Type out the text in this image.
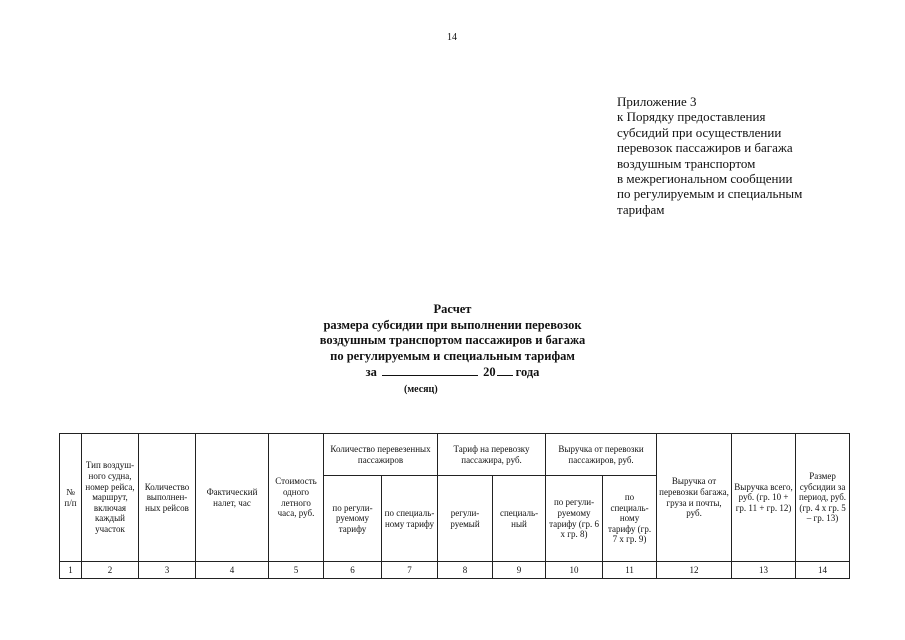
14
Приложение 3
к Порядку предоставления
субсидий при осуществлении
перевозок пассажиров и багажа
воздушным транспортом
в межрегиональном сообщении
по регулируемым и специальным
тарифам
Расчет
размера субсидии при выполнении перевозок
воздушным транспортом пассажиров и багажа
по регулируемым и специальным тарифам
за	20 года
(месяц)
№ п/п	Тип воздуш-ного судна, номер рейса, маршрут, включая каждый участок	Количество выполнен-ных рейсов	Фактический налет, час	Стоимость одного летного часа, руб.	Количество перевезенных пассажиров		Тариф на перевозку пассажира, руб.		Выручка от перевозки пассажиров, руб.		Выручка от перевозки багажа, груза и почты, руб.	Выручка всего, руб. (гр. 10 + гр. 11 + гр. 12)	Размер субсидии за период, руб. (гр. 4 х гр. 5 – гр. 13)
					по регули-руемому тарифу	по специаль-ному тарифу	регули-руемый	специаль-ный	по регули-руемому тарифу (гр. 6 х гр. 8)	по специаль-ному тарифу (гр. 7 х гр. 9)			
1	2	3	4	5	6	7	8	9	10	11	12	13	14
